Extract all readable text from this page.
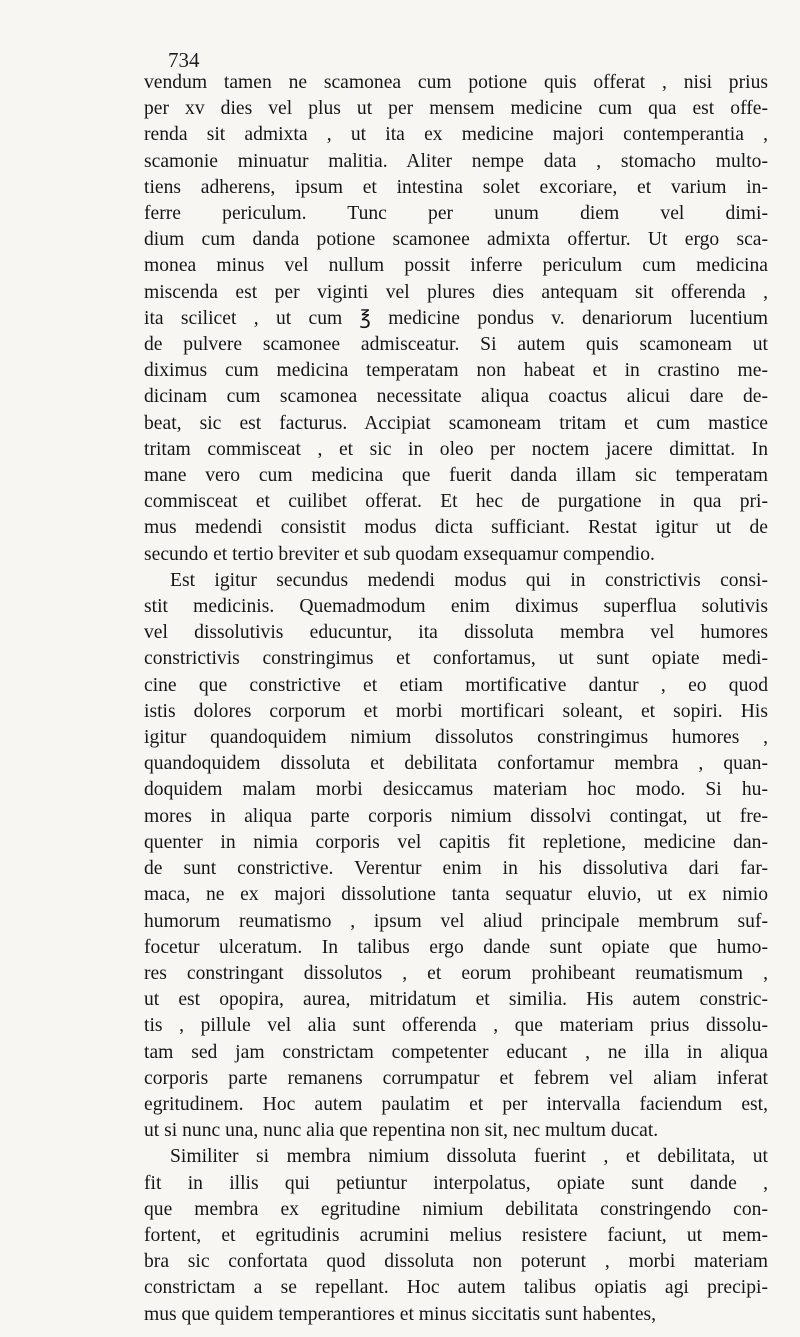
734
vendum tamen ne scamonea cum potione quis offerat , nisi prius
per xv dies vel plus ut per mensem medicine cum qua est offe-
renda sit admixta , ut ita ex medicine majori contemperantia ,
scamonie minuatur malitia. Aliter nempe data , stomacho multo-
tiens adherens, ipsum et intestina solet excoriare, et varium in-
ferre periculum. Tunc per unum diem vel dimi-
dium cum danda potione scamonee admixta offertur. Ut ergo sca-
monea minus vel nullum possit inferre periculum cum medicina
miscenda est per viginti vel plures dies antequam sit offerenda ,
ita scilicet , ut cum ℥ medicine pondus v. denariorum lucentium
de pulvere scamonee admisceatur. Si autem quis scamoneam ut
diximus cum medicina temperatam non habeat et in crastino me-
dicinam cum scamonea necessitate aliqua coactus alicui dare de-
beat, sic est facturus. Accipiat scamoneam tritam et cum mastice
tritam commisceat , et sic in oleo per noctem jacere dimittat. In
mane vero cum medicina que fuerit danda illam sic temperatam
commisceat et cuilibet offerat. Et hec de purgatione in qua pri-
mus medendi consistit modus dicta sufficiant. Restat igitur ut de
secundo et tertio breviter et sub quodam exsequamur compendio.
Est igitur secundus medendi modus qui in constrictivis consi-
stit medicinis. Quemadmodum enim diximus superflua solutivis
vel dissolutivis educuntur, ita dissoluta membra vel humores
constrictivis constringimus et confortamus, ut sunt opiate medi-
cine que constrictive et etiam mortificative dantur , eo quod
istis dolores corporum et morbi mortificari soleant, et sopiri. His
igitur quandoquidem nimium dissolutos constringimus humores ,
quandoquidem dissoluta et debilitata confortamur membra , quan-
doquidem malam morbi desiccamus materiam hoc modo. Si hu-
mores in aliqua parte corporis nimium dissolvi contingat, ut fre-
quenter in nimia corporis vel capitis fit repletione, medicine dan-
de sunt constrictive. Verentur enim in his dissolutiva dari far-
maca, ne ex majori dissolutione tanta sequatur eluvio, ut ex nimio
humorum reumatismo , ipsum vel aliud principale membrum suf-
focetur ulceratum. In talibus ergo dande sunt opiate que humo-
res constringant dissolutos , et eorum prohibeant reumatismum ,
ut est opopira, aurea, mitridatum et similia. His autem constric-
tis , pillule vel alia sunt offerenda , que materiam prius dissolu-
tam sed jam constrictam competenter educant , ne illa in aliqua
corporis parte remanens corrumpatur et febrem vel aliam inferat
egritudinem. Hoc autem paulatim et per intervalla faciendum est,
ut si nunc una, nunc alia que repentina non sit, nec multum ducat.
Similiter si membra nimium dissoluta fuerint , et debilitata, ut
fit in illis qui petiuntur interpolatus, opiate sunt dande ,
que membra ex egritudine nimium debilitata constringendo con-
fortent, et egritudinis acrumini melius resistere faciunt, ut mem-
bra sic confortata quod dissoluta non poterunt , morbi materiam
constrictam a se repellant. Hoc autem talibus opiatis agi precipi-
mus que quidem temperantiores et minus siccitatis sunt habentes,
